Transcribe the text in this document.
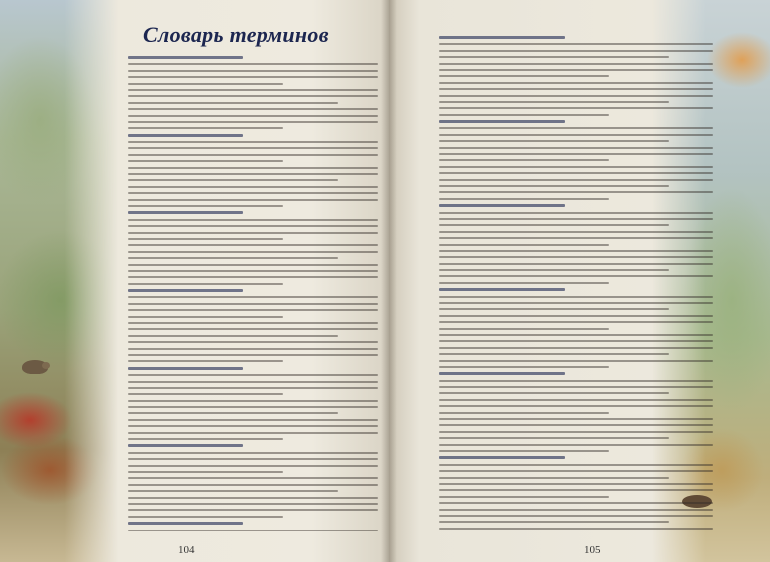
Словарь терминов

104	105
